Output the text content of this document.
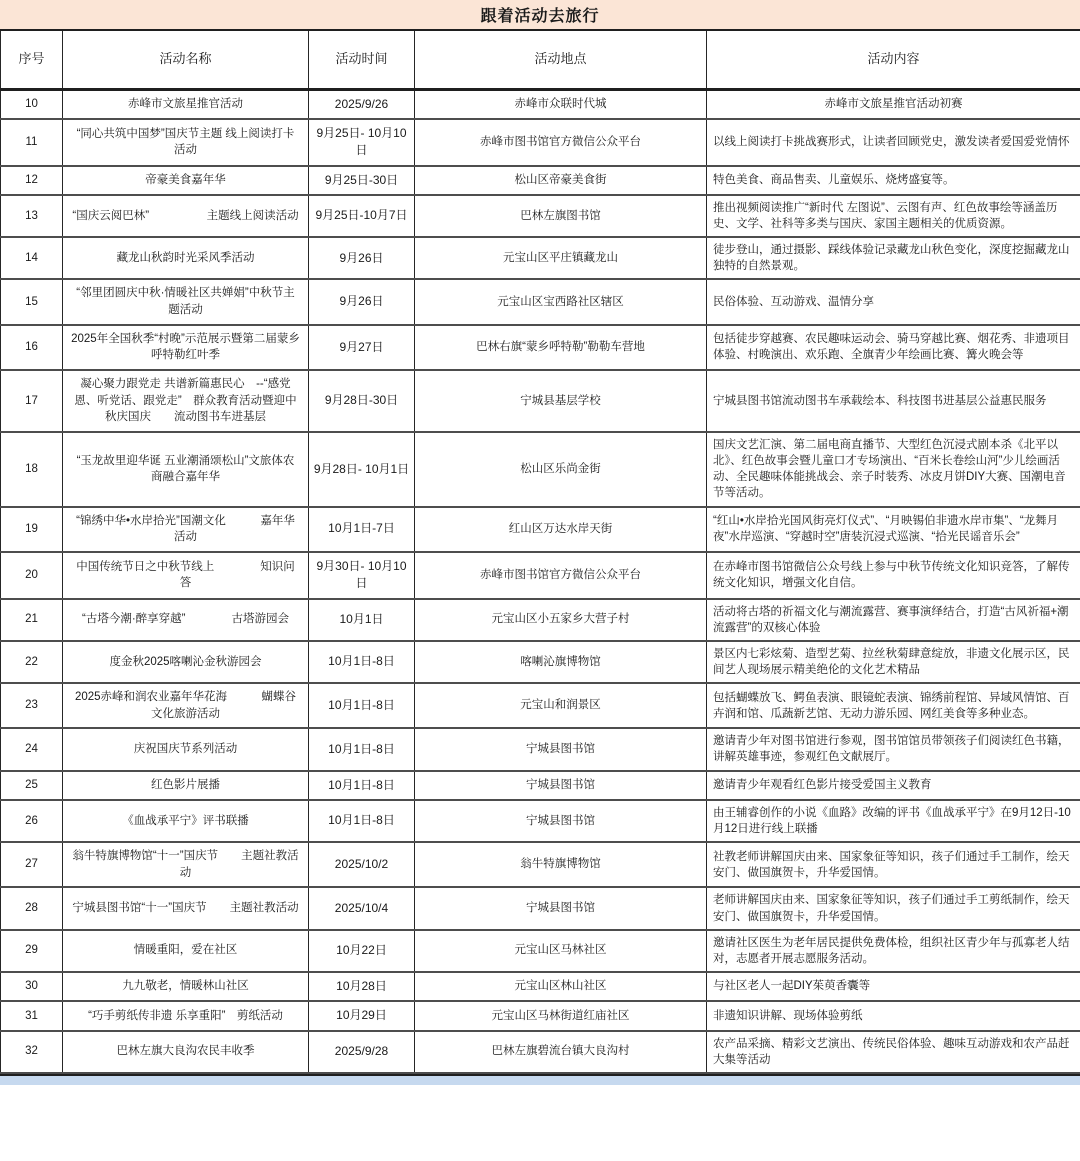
跟着活动去旅行
序号	活动名称	活动时间	活动地点	活动内容
10	赤峰市文旅星推官活动	2025/9/26	赤峰市众联时代城	赤峰市文旅星推官活动初赛
11	“同心共筑中国梦”国庆节主题 线上阅读打卡活动	9月25日- 10月10日	赤峰市图书馆官方微信公众平台	以线上阅读打卡挑战赛形式，让读者回顾党史，激发读者爱国爱党情怀
12	帝豪美食嘉年华	9月25日-30日	松山区帝豪美食街	特色美食、商品售卖、儿童娱乐、烧烤盛宴等。
13	“国庆云阅巴林”　　　　　主题线上阅读活动	9月25日-10月7日	巴林左旗图书馆	推出视频阅读推广“新时代 左图说”、云图有声、红色故事绘等涵盖历史、文学、社科等多类与国庆、家国主题相关的优质资源。
14	藏龙山秋韵时光采风季活动	9月26日	元宝山区平庄镇藏龙山	徒步登山，通过摄影、踩线体验记录藏龙山秋色变化，深度挖掘藏龙山独特的自然景观。
15	“邻里团圆庆中秋·情暖社区共婵娟”中秋节主题活动	9月26日	元宝山区宝西路社区辖区	民俗体验、互动游戏、温情分享
16	2025年全国秋季“村晚”示范展示暨第二届蒙乡呼特勒红叶季	9月27日	巴林右旗“蒙乡呼特勒”勒勒车营地	包括徒步穿越赛、农民趣味运动会、骑马穿越比赛、烟花秀、非遗项目体验、村晚演出、欢乐跑、全旗青少年绘画比赛、篝火晚会等
17	凝心聚力跟党走 共谱新篇惠民心　--“感党恩、听党话、跟党走”　群众教育活动暨迎中秋庆国庆　　流动图书车进基层	9月28日-30日	宁城县基层学校	宁城县图书馆流动图书车承载绘本、科技图书进基层公益惠民服务
18	“玉龙故里迎华诞 五业潮涌颂松山”文旅体农商融合嘉年华	9月28日- 10月1日	松山区乐尚金街	国庆文艺汇演、第二届电商直播节、大型红色沉浸式剧本杀《北平以北》、红色故事会暨儿童口才专场演出、“百米长卷绘山河”少儿绘画活动、全民趣味体能挑战会、亲子时装秀、冰皮月饼DIY大赛、国潮电音节等活动。
19	“锦绣中华•水岸拾光”国潮文化　　　嘉年华活动	10月1日-7日	红山区万达水岸天街	“红山•水岸拾光国风街亮灯仪式”、“月映锡伯非遗水岸市集”、“龙舞月夜”水岸巡演、“穿越时空”唐装沉浸式巡演、“拾光民谣音乐会”
20	中国传统节日之中秋节线上　　　　知识问答	9月30日- 10月10日	赤峰市图书馆官方微信公众平台	在赤峰市图书馆微信公众号线上参与中秋节传统文化知识竞答，了解传统文化知识，增强文化自信。
21	“古塔今潮·醉享穿越”　　　　古塔游园会	10月1日	元宝山区小五家乡大营子村	活动将古塔的祈福文化与潮流露营、赛事演绎结合，打造“古风祈福+潮流露营”的双核心体验
22	度金秋2025喀喇沁金秋游园会	10月1日-8日	喀喇沁旗博物馆	景区内七彩炫菊、造型艺菊、拉丝秋菊肆意绽放，非遗文化展示区，民间艺人现场展示精美绝伦的文化艺术精品
23	2025赤峰和润农业嘉年华花海　　　蝴蝶谷文化旅游活动	10月1日-8日	元宝山和润景区	包括蝴蝶放飞、鳄鱼表演、眼镜蛇表演、锦绣前程馆、异域风情馆、百卉润和馆、瓜蔬新艺馆、无动力游乐园、网红美食等多种业态。
24	庆祝国庆节系列活动	10月1日-8日	宁城县图书馆	邀请青少年对图书馆进行参观，图书馆馆员带领孩子们阅读红色书籍，讲解英雄事迹，参观红色文献展厅。
25	红色影片展播	10月1日-8日	宁城县图书馆	邀请青少年观看红色影片接受爱国主义教育
26	《血战承平宁》评书联播	10月1日-8日	宁城县图书馆	由王辅睿创作的小说《血路》改编的评书《血战承平宁》在9月12日-10月12日进行线上联播
27	翁牛特旗博物馆“十一”国庆节　　主题社教活动	2025/10/2	翁牛特旗博物馆	社教老师讲解国庆由来、国家象征等知识，孩子们通过手工制作，绘天安门、做国旗贺卡，升华爱国情。
28	宁城县图书馆“十一”国庆节　　主题社教活动	2025/10/4	宁城县图书馆	老师讲解国庆由来、国家象征等知识，孩子们通过手工剪纸制作，绘天安门、做国旗贺卡，升华爱国情。
29	情暖重阳，爱在社区	10月22日	元宝山区马林社区	邀请社区医生为老年居民提供免费体检，组织社区青少年与孤寡老人结对，志愿者开展志愿服务活动。
30	九九敬老，情暖林山社区	10月28日	元宝山区林山社区	与社区老人一起DIY茱萸香囊等
31	“巧手剪纸传非遗 乐享重阳”　剪纸活动	10月29日	元宝山区马林街道红庙社区	非遗知识讲解、现场体验剪纸
32	巴林左旗大良沟农民丰收季	2025/9/28	巴林左旗碧流台镇大良沟村	农产品采摘、精彩文艺演出、传统民俗体验、趣味互动游戏和农产品赶大集等活动
